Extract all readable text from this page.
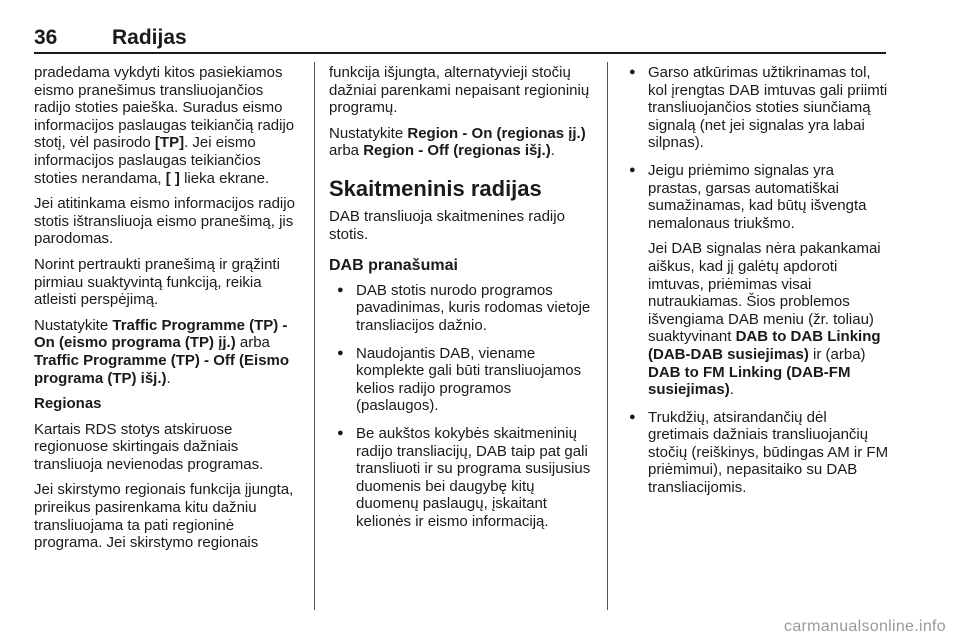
36	Radijas

pradedama vykdyti kitos pasiekiamos eismo pranešimus transliuojančios radijo stoties paieška. Suradus eismo informacijos paslaugas teikiančią radijo stotį, vėl pasirodo [TP]. Jei eismo informacijos paslaugas teikiančios stoties nerandama, [ ] lieka ekrane.

Jei atitinkama eismo informacijos radijo stotis ištransliuoja eismo pranešimą, jis parodomas.

Norint pertraukti pranešimą ir grąžinti pirmiau suaktyvintą funkciją, reikia atleisti perspėjimą.

Nustatykite Traffic Programme (TP) - On (eismo programa (TP) įj.) arba Traffic Programme (TP) - Off (Eismo programa (TP) išj.).

Regionas

Kartais RDS stotys atskiruose regionuose skirtingais dažniais transliuoja nevienodas programas.

Jei skirstymo regionais funkcija įjungta, prireikus pasirenkama kitu dažniu transliuojama ta pati regioninė programa. Jei skirstymo regionais

funkcija išjungta, alternatyvieji stočių dažniai parenkami nepaisant regioninių programų.

Nustatykite Region - On (regionas įj.) arba Region - Off (regionas išj.).

Skaitmeninis radijas

DAB transliuoja skaitmenines radijo stotis.

DAB pranašumai
● DAB stotis nurodo programos pavadinimas, kuris rodomas vietoje transliacijos dažnio.
● Naudojantis DAB, viename komplekte gali būti transliuojamos kelios radijo programos (paslaugos).
● Be aukštos kokybės skaitmeninių radijo transliacijų, DAB taip pat gali transliuoti ir su programa susijusius duomenis bei daugybę kitų duomenų paslaugų, įskaitant kelionės ir eismo informaciją.
● Garso atkūrimas užtikrinamas tol, kol įrengtas DAB imtuvas gali priimti transliuojančios stoties siunčiamą signalą (net jei signalas yra labai silpnas).
● Jeigu priėmimo signalas yra prastas, garsas automatiškai sumažinamas, kad būtų išvengta nemalonaus triukšmo.
Jei DAB signalas nėra pakankamai aiškus, kad jį galėtų apdoroti imtuvas, priėmimas visai nutraukiamas. Šios problemos išvengiama DAB meniu (žr. toliau) suaktyvinant DAB to DAB Linking (DAB-DAB susiejimas) ir (arba) DAB to FM Linking (DAB-FM susiejimas).
● Trukdžių, atsirandančių dėl gretimais dažniais transliuojančių stočių (reiškinys, būdingas AM ir FM priėmimui), nepasitaiko su DAB transliacijomis.
carmanualsonline.info
